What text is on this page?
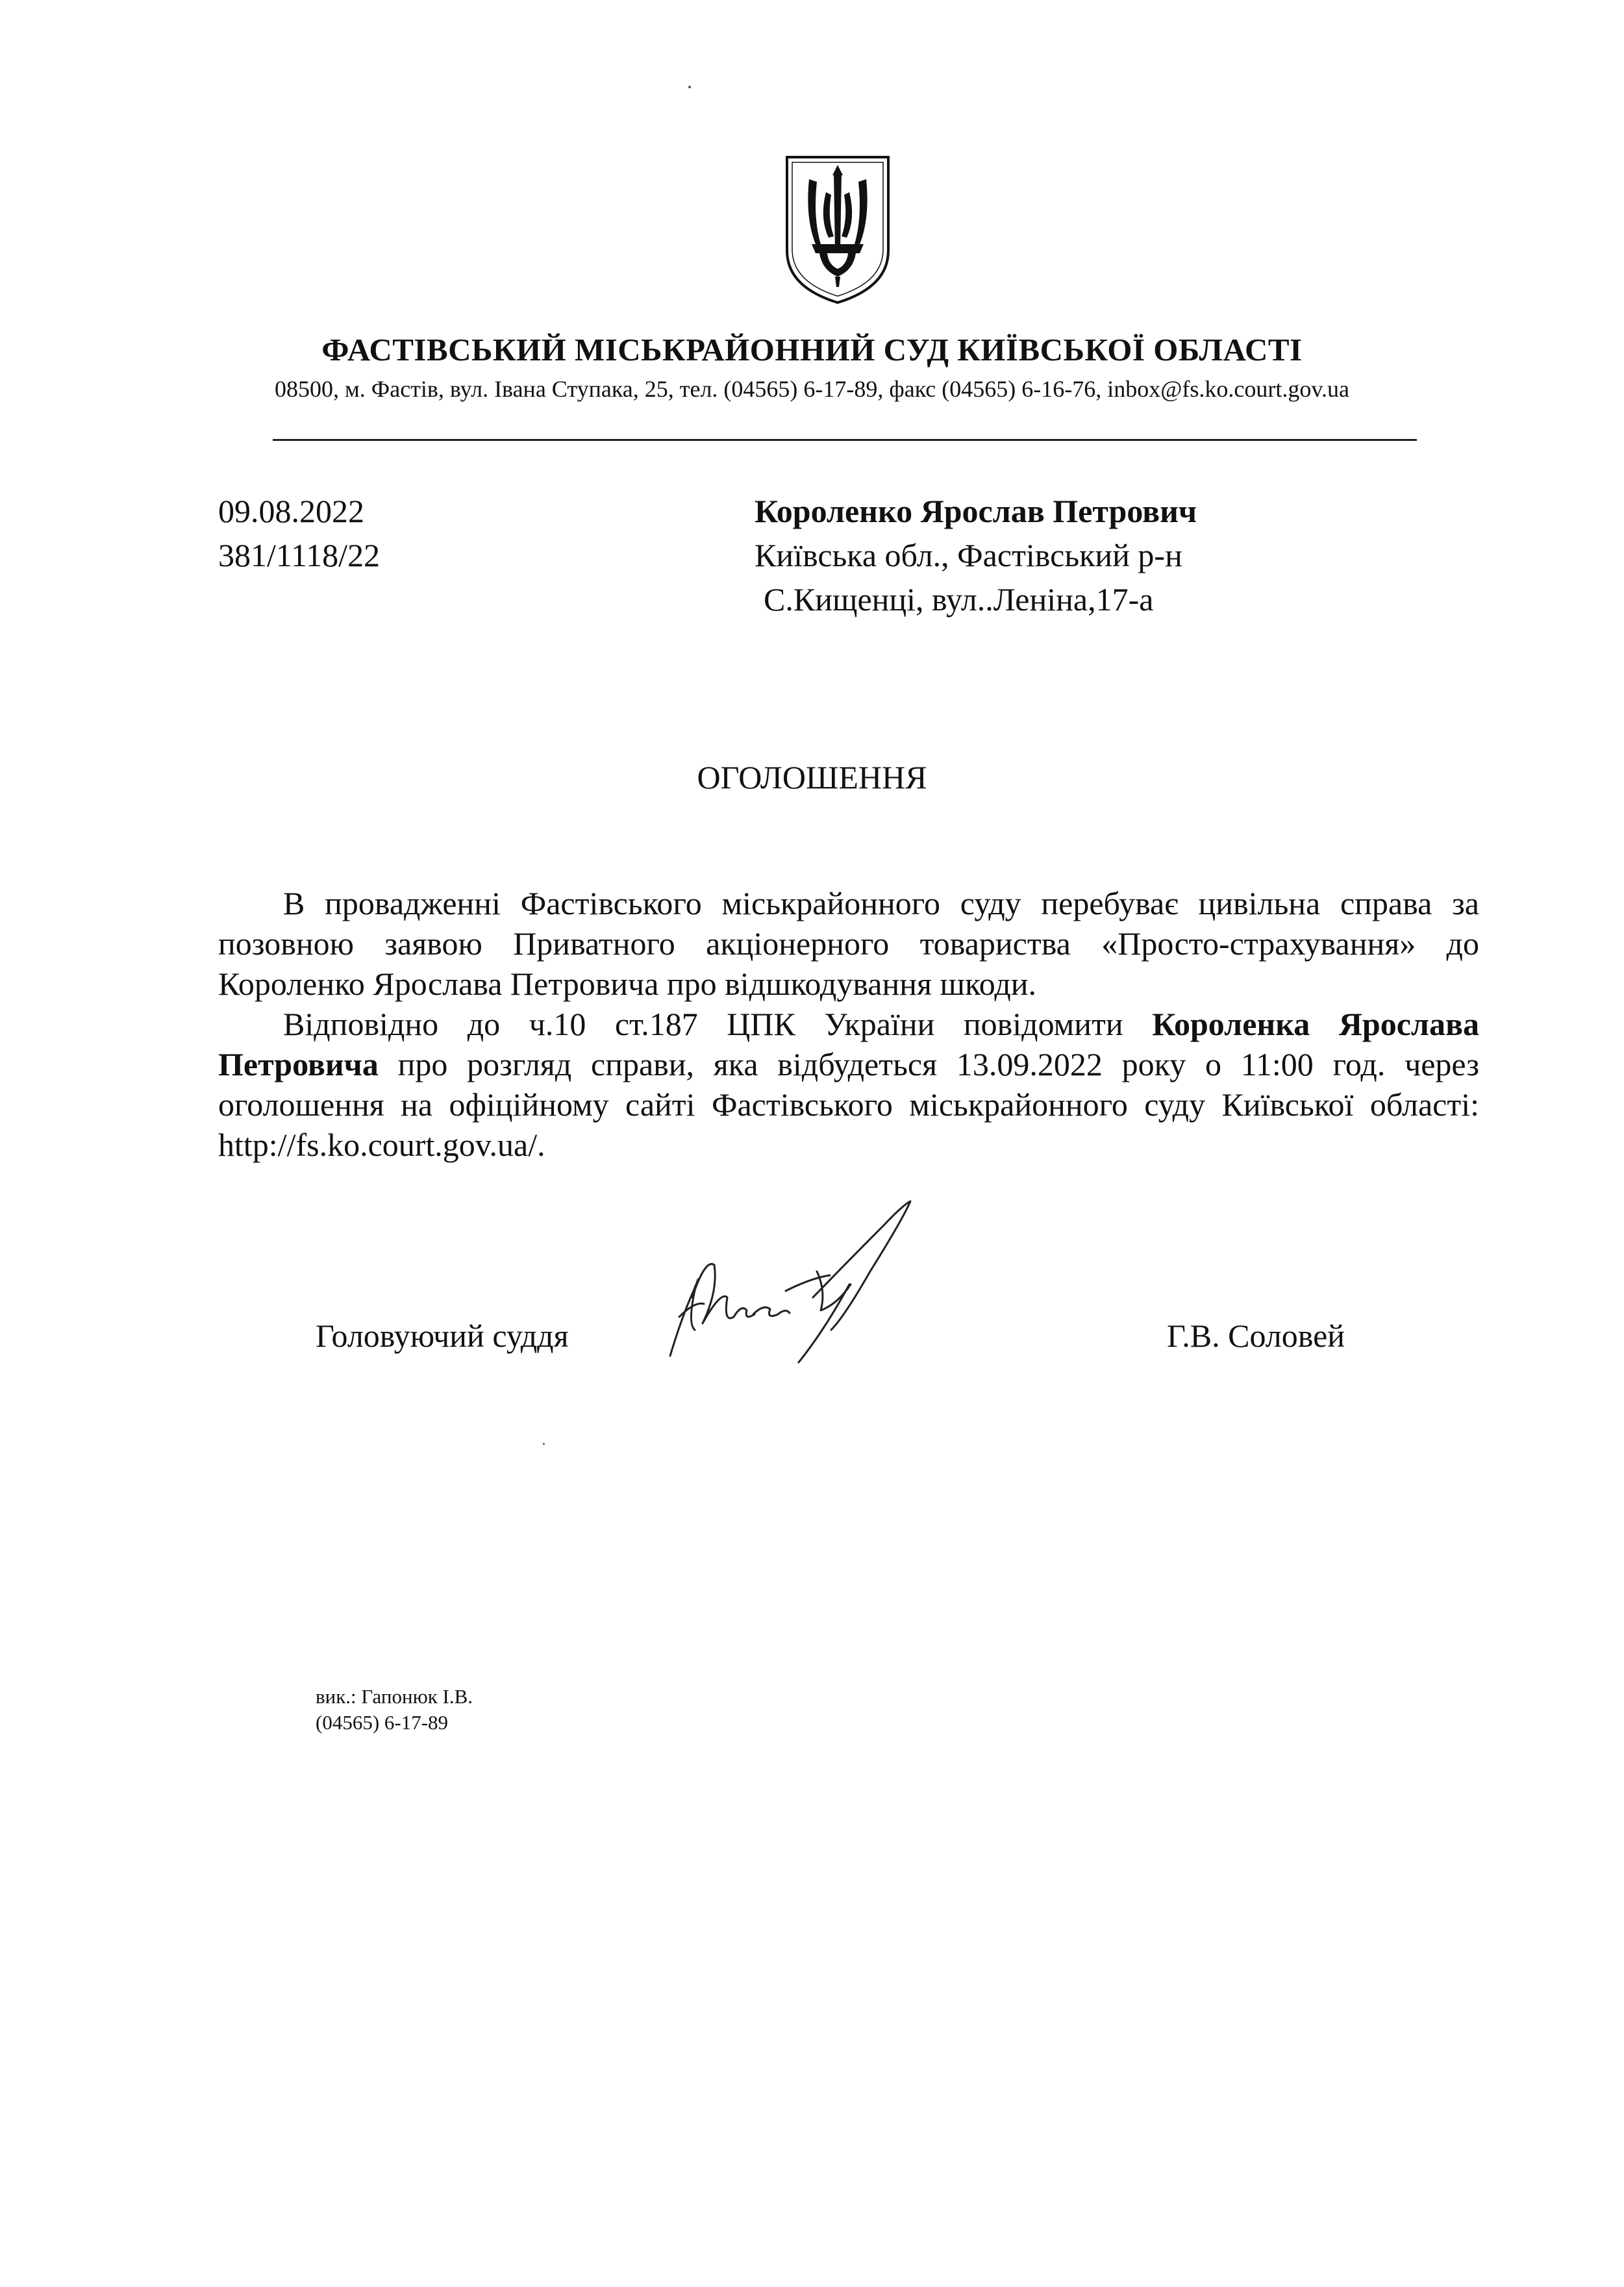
ФАСТІВСЬКИЙ МІСЬКРАЙОННИЙ СУД КИЇВСЬКОЇ ОБЛАСТІ
08500, м. Фастів, вул. Івана Ступака, 25, тел. (04565) 6-17-89, факс (04565) 6-16-76, inbox@fs.ko.court.gov.ua
09.08.2022
381/1118/22
Короленко Ярослав Петрович
Київська обл., Фастівський р-н
С.Кищенці, вул..Леніна,17-а
ОГОЛОШЕННЯ

В провадженні Фастівського міськрайонного суду перебуває цивільна справа за позовною заявою Приватного акціонерного товариства «Просто-страхування» до Короленко Ярослава Петровича про відшкодування шкоди.

Відповідно до ч.10 ст.187 ЦПК України повідомити Короленка Ярослава Петровича про розгляд справи, яка відбудеться 13.09.2022 року о 11:00 год. через оголошення на офіційному сайті Фастівського міськрайонного суду Київської області: http://fs.ko.court.gov.ua/.

Головуючий суддя	Г.В. Соловей
вик.: Гапонюк І.В.
(04565) 6-17-89
